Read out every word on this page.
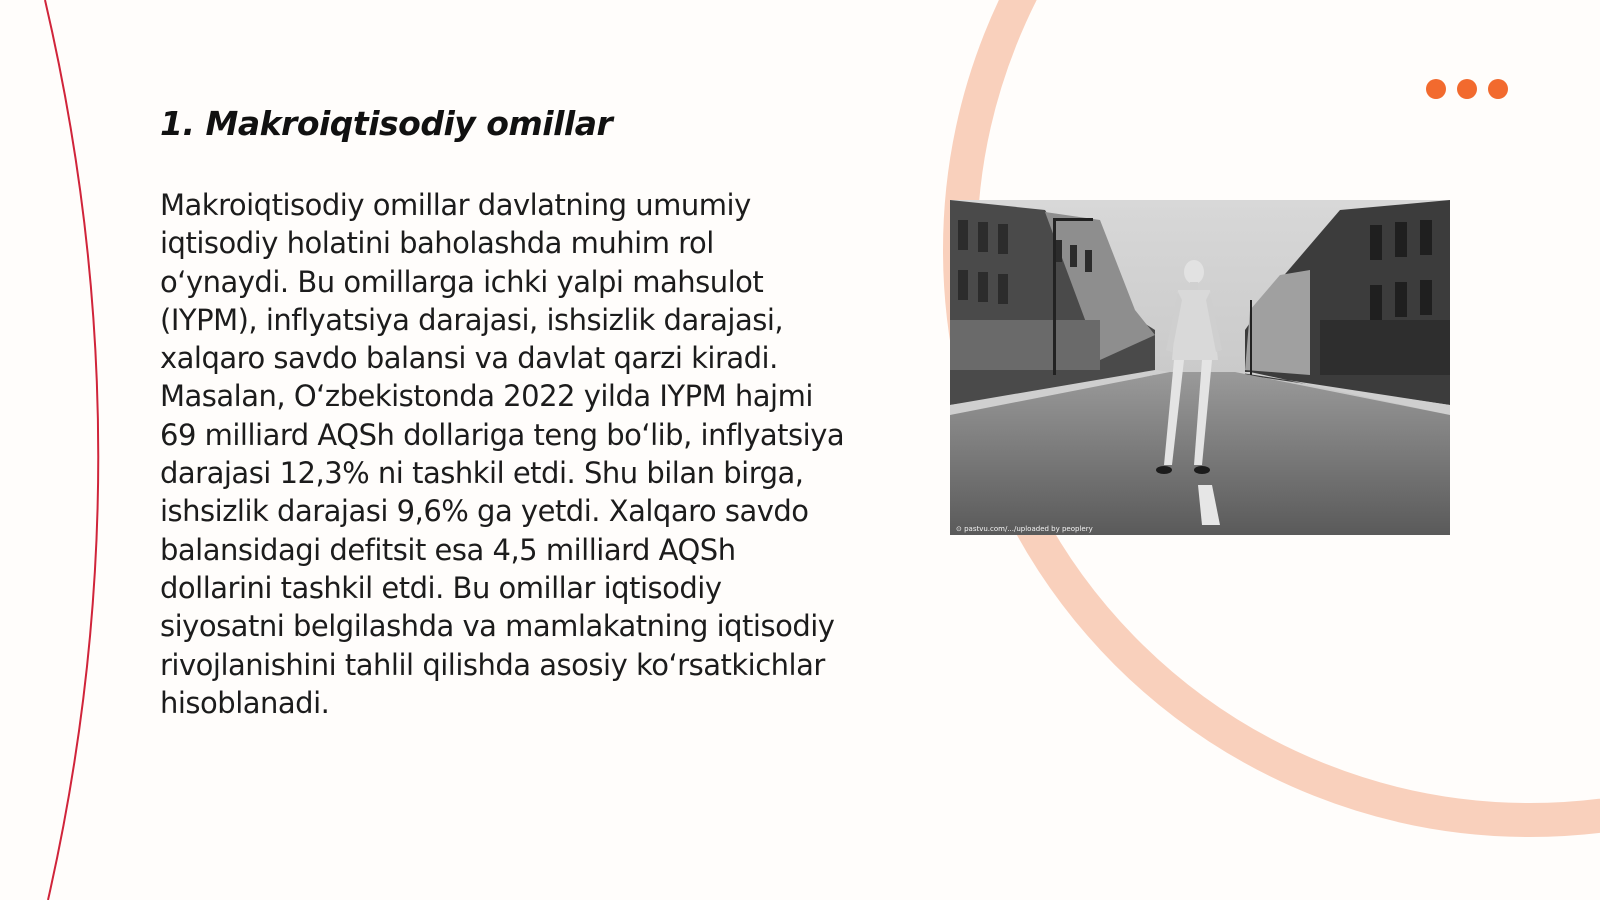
1. Makroiqtisodiy omillar

Makroiqtisodiy omillar davlatning umumiy iqtisodiy holatini baholashda muhim rol oʻynaydi. Bu omillarga ichki yalpi mahsulot (IYPM), inflyatsiya darajasi, ishsizlik darajasi, xalqaro savdo balansi va davlat qarzi kiradi. Masalan, Oʻzbekistonda 2022 yilda IYPM hajmi 69 milliard AQSh dollariga teng boʻlib, inflyatsiya darajasi 12,3% ni tashkil etdi. Shu bilan birga, ishsizlik darajasi 9,6% ga yetdi. Xalqaro savdo balansidagi defitsit esa 4,5 milliard AQSh dollarini tashkil etdi. Bu omillar iqtisodiy siyosatni belgilashda va mamlakatning iqtisodiy rivojlanishini tahlil qilishda asosiy koʻrsatkichlar hisoblanadi.

⊙ pastvu.com/.../uploaded by peoplery
